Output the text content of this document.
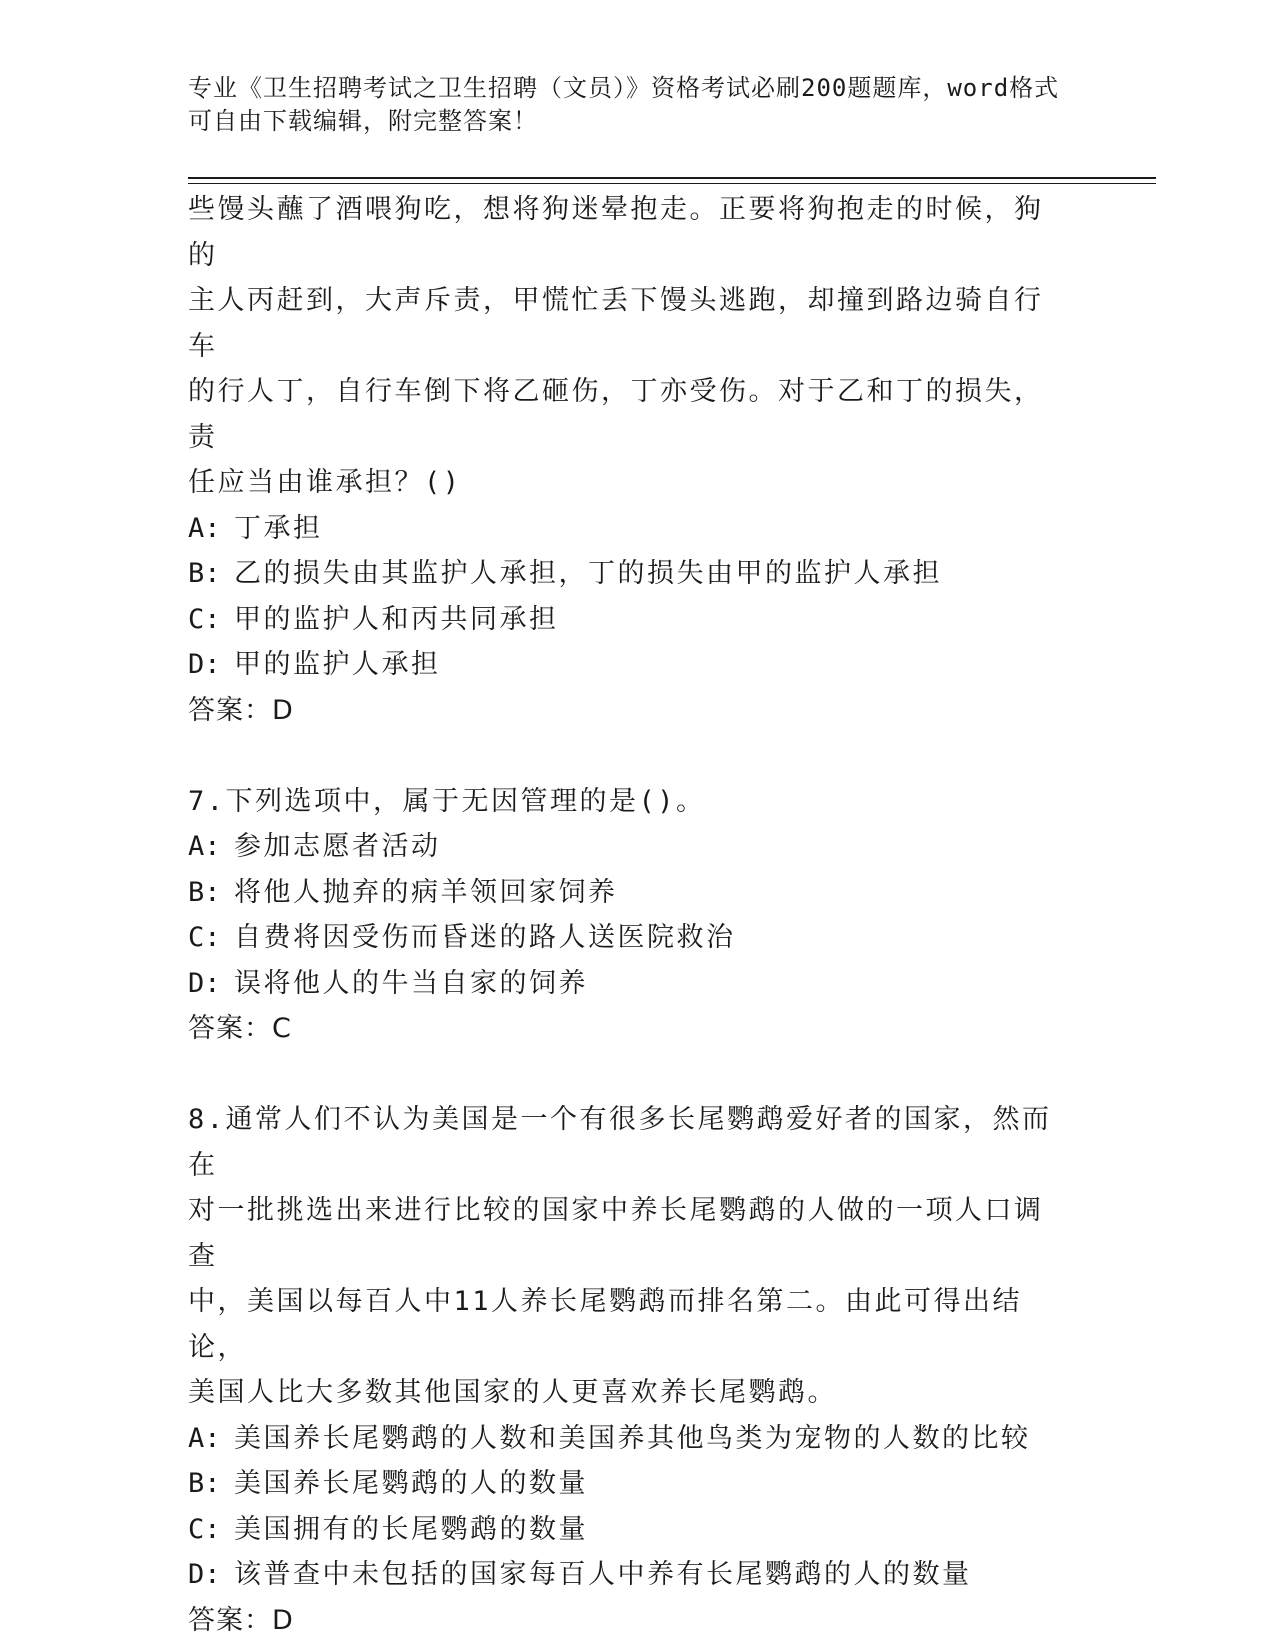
专业《卫生招聘考试之卫生招聘（文员）》资格考试必刷200题题库，word格式
可自由下载编辑，附完整答案！

些馒头蘸了酒喂狗吃，想将狗迷晕抱走。正要将狗抱走的时候，狗的

主人丙赶到，大声斥责，甲慌忙丢下馒头逃跑，却撞到路边骑自行车

的行人丁，自行车倒下将乙砸伤，丁亦受伤。对于乙和丁的损失，责

任应当由谁承担？()

A: 丁承担

B: 乙的损失由其监护人承担，丁的损失由甲的监护人承担

C: 甲的监护人和丙共同承担

D: 甲的监护人承担

答案：D

7.下列选项中，属于无因管理的是()。

A: 参加志愿者活动

B: 将他人抛弃的病羊领回家饲养

C: 自费将因受伤而昏迷的路人送医院救治

D: 误将他人的牛当自家的饲养

答案：C

8.通常人们不认为美国是一个有很多长尾鹦鹉爱好者的国家，然而在

对一批挑选出来进行比较的国家中养长尾鹦鹉的人做的一项人口调查

中，美国以每百人中11人养长尾鹦鹉而排名第二。由此可得出结论，

美国人比大多数其他国家的人更喜欢养长尾鹦鹉。

A: 美国养长尾鹦鹉的人数和美国养其他鸟类为宠物的人数的比较

B: 美国养长尾鹦鹉的人的数量

C: 美国拥有的长尾鹦鹉的数量

D: 该普查中未包括的国家每百人中养有长尾鹦鹉的人的数量

答案：D
